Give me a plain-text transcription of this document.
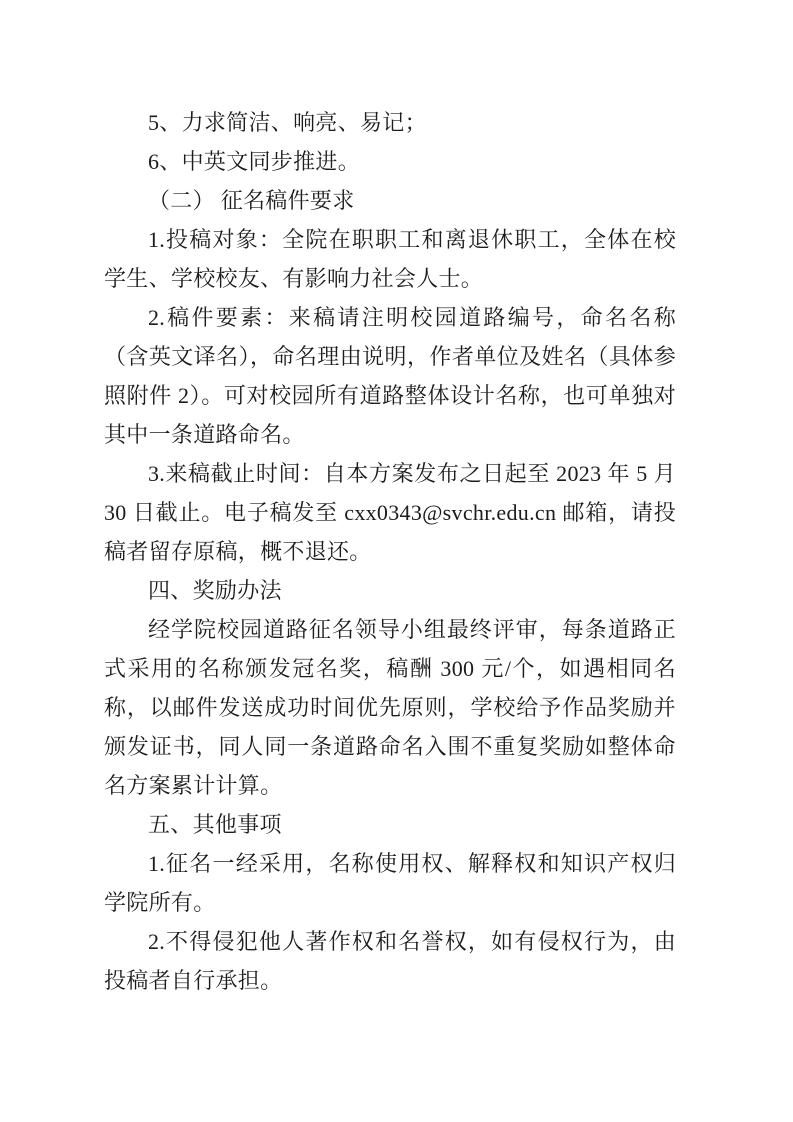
5、力求简洁、响亮、易记；

6、中英文同步推进。

（二） 征名稿件要求

1.投稿对象：全院在职职工和离退休职工，全体在校学生、学校校友、有影响力社会人士。

2.稿件要素：来稿请注明校园道路编号，命名名称（含英文译名），命名理由说明，作者单位及姓名（具体参照附件 2）。可对校园所有道路整体设计名称，也可单独对其中一条道路命名。

3.来稿截止时间：自本方案发布之日起至 2023 年 5 月 30 日截止。电子稿发至 cxx0343@svchr.edu.cn 邮箱，请投稿者留存原稿，概不退还。

四、奖励办法

经学院校园道路征名领导小组最终评审，每条道路正式采用的名称颁发冠名奖，稿酬 300 元/个，如遇相同名称，以邮件发送成功时间优先原则，学校给予作品奖励并颁发证书，同人同一条道路命名入围不重复奖励如整体命名方案累计计算。

五、其他事项

1.征名一经采用，名称使用权、解释权和知识产权归学院所有。

2.不得侵犯他人著作权和名誉权，如有侵权行为，由投稿者自行承担。
